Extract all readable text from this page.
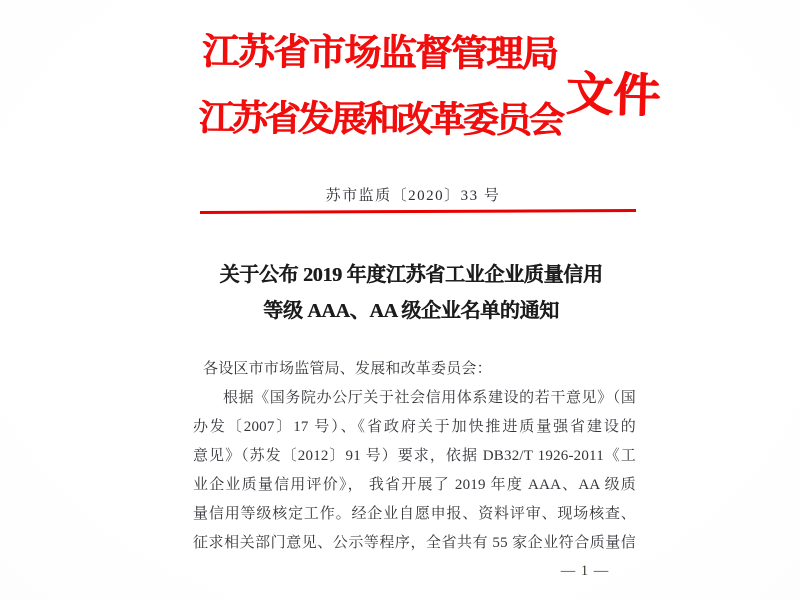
江苏省市场监督管理局
江苏省发展和改革委员会 文件
苏市监质〔2020〕33 号
关于公布 2019 年度江苏省工业企业质量信用
等级 AAA、AA 级企业名单的通知
各设区市市场监管局、发展和改革委员会：
根据《国务院办公厅关于社会信用体系建设的若干意见》（国
办发〔2007〕17 号）、《省政府关于加快推进质量强省建设的
意见》（苏发〔2012〕91 号）要求，依据 DB32/T 1926-2011《工
业企业质量信用评价》， 我省开展了 2019 年度 AAA、AA 级质
量信用等级核定工作。经企业自愿申报、资料评审、现场核查、
征求相关部门意见、公示等程序，全省共有 55 家企业符合质量信
— 1 —
